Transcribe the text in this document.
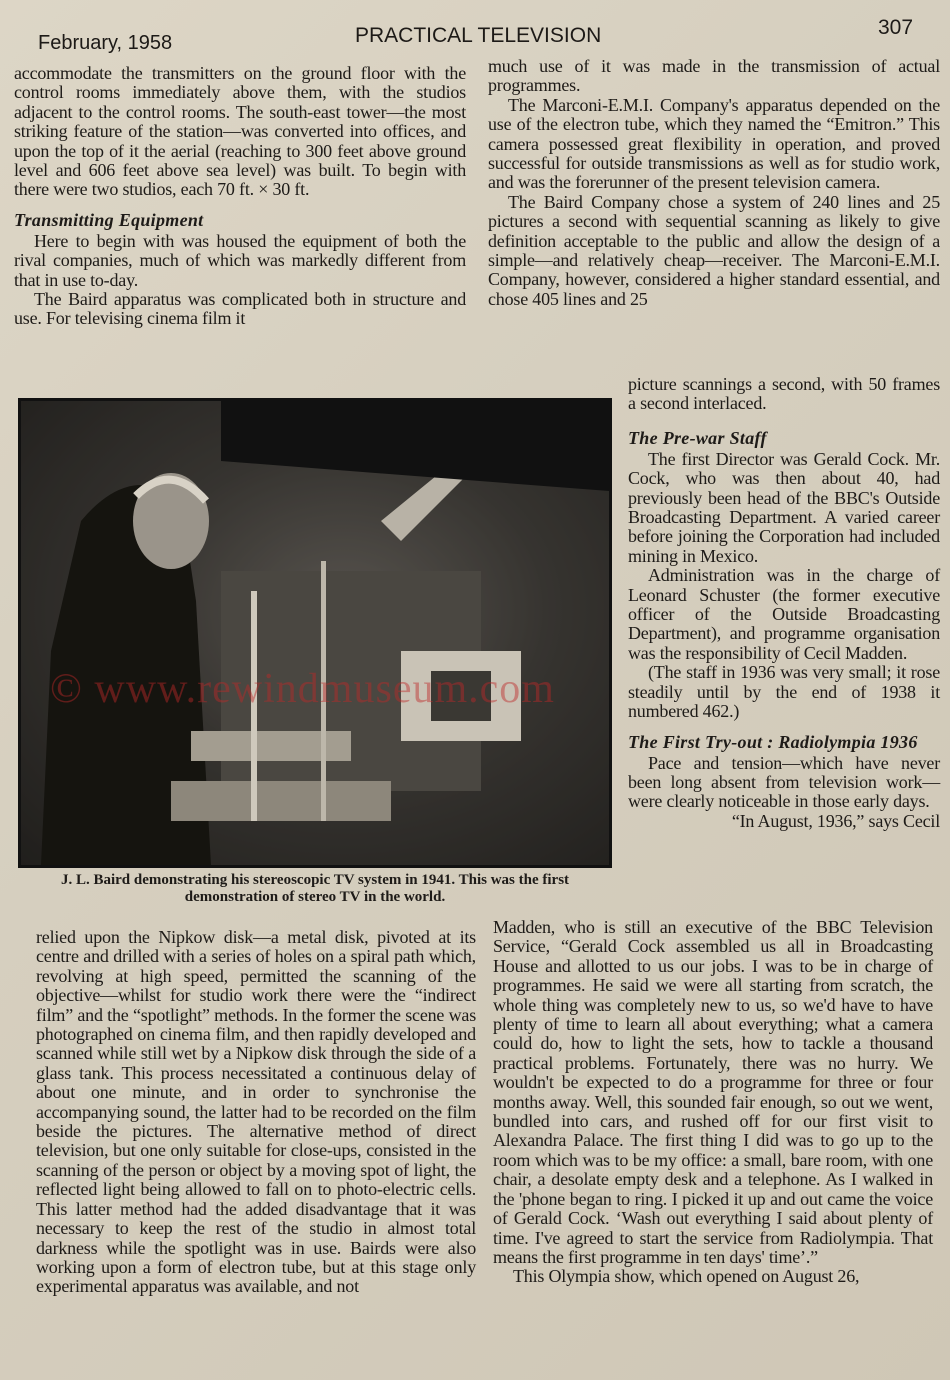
February, 1958	PRACTICAL TELEVISION	307

accommodate the transmitters on the ground floor with the control rooms immediately above them, with the studios adjacent to the control rooms. The south-east tower—the most striking feature of the station—was converted into offices, and upon the top of it the aerial (reaching to 300 feet above ground level and 606 feet above sea level) was built. To begin with there were two studios, each 70 ft. × 30 ft.

Transmitting Equipment

Here to begin with was housed the equipment of both the rival companies, much of which was markedly different from that in use to-day.

The Baird apparatus was complicated both in structure and use. For televising cinema film it

much use of it was made in the transmission of actual programmes.

The Marconi-E.M.I. Company's apparatus depended on the use of the electron tube, which they named the “Emitron.” This camera possessed great flexibility in operation, and proved successful for outside transmissions as well as for studio work, and was the forerunner of the present television camera.

The Baird Company chose a system of 240 lines and 25 pictures a second with sequential scanning as likely to give definition acceptable to the public and allow the design of a simple—and relatively cheap—receiver. The Marconi-E.M.I. Company, however, considered a higher standard essential, and chose 405 lines and 25

picture scannings a second, with 50 frames a second interlaced.

The Pre-war Staff

The first Director was Gerald Cock. Mr. Cock, who was then about 40, had previously been head of the BBC's Outside Broadcasting Department. A varied career before joining the Corporation had included mining in Mexico.

Administration was in the charge of Leonard Schuster (the former executive officer of the Outside Broadcasting Department), and programme organisation was the responsibility of Cecil Madden.

(The staff in 1936 was very small; it rose steadily until by the end of 1938 it numbered 462.)

The First Try-out : Radiolympia 1936

Pace and tension—which have never been long absent from television work—were clearly noticeable in those early days.

“In August, 1936,” says Cecil

© www.rewindmuseum.com
J. L. Baird demonstrating his stereoscopic TV system in 1941. This was the first demonstration of stereo TV in the world.

relied upon the Nipkow disk—a metal disk, pivoted at its centre and drilled with a series of holes on a spiral path which, revolving at high speed, permitted the scanning of the objective—whilst for studio work there were the “indirect film” and the “spotlight” methods. In the former the scene was photographed on cinema film, and then rapidly developed and scanned while still wet by a Nipkow disk through the side of a glass tank. This process necessitated a continuous delay of about one minute, and in order to synchronise the accompanying sound, the latter had to be recorded on the film beside the pictures. The alternative method of direct television, but one only suitable for close-ups, consisted in the scanning of the person or object by a moving spot of light, the reflected light being allowed to fall on to photo-electric cells. This latter method had the added disadvantage that it was necessary to keep the rest of the studio in almost total darkness while the spotlight was in use. Bairds were also working upon a form of electron tube, but at this stage only experimental apparatus was available, and not

Madden, who is still an executive of the BBC Television Service, “Gerald Cock assembled us all in Broadcasting House and allotted to us our jobs. I was to be in charge of programmes. He said we were all starting from scratch, the whole thing was completely new to us, so we'd have to have plenty of time to learn all about everything; what a camera could do, how to light the sets, how to tackle a thousand practical problems. Fortunately, there was no hurry. We wouldn't be expected to do a programme for three or four months away. Well, this sounded fair enough, so out we went, bundled into cars, and rushed off for our first visit to Alexandra Palace. The first thing I did was to go up to the room which was to be my office: a small, bare room, with one chair, a desolate empty desk and a telephone. As I walked in the 'phone began to ring. I picked it up and out came the voice of Gerald Cock. ‘Wash out everything I said about plenty of time. I've agreed to start the service from Radiolympia. That means the first programme in ten days' time’.”

This Olympia show, which opened on August 26,
